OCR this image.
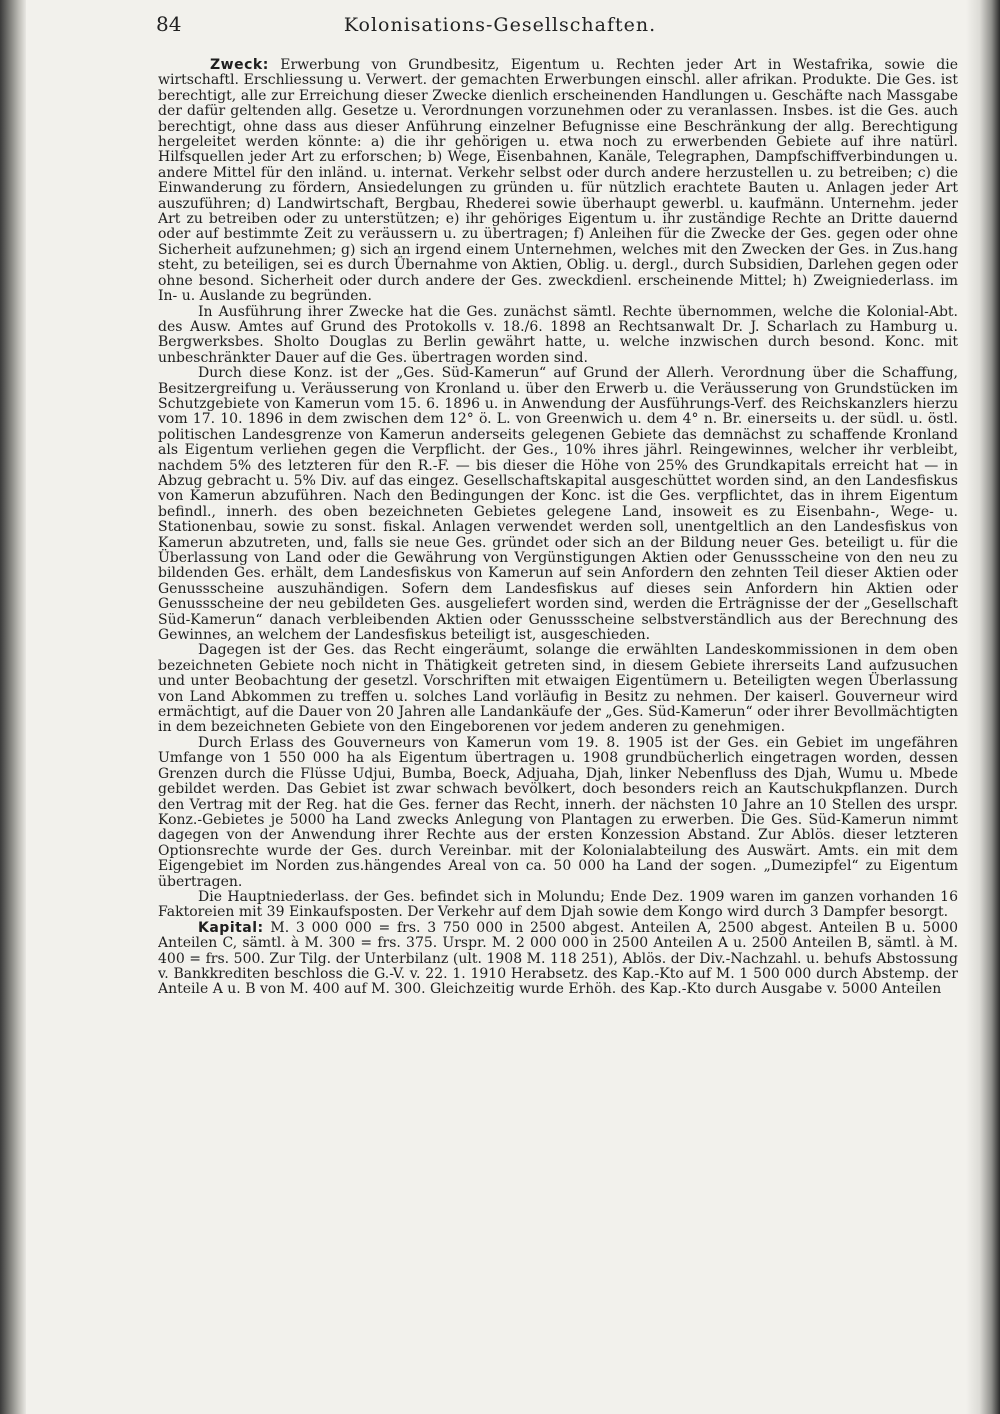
84	Kolonisations-Gesellschaften.

Zweck: Erwerbung von Grundbesitz, Eigentum u. Rechten jeder Art in Westafrika, sowie die wirtschaftl. Erschliessung u. Verwert. der gemachten Erwerbungen einschl. aller afrikan. Produkte. Die Ges. ist berechtigt, alle zur Erreichung dieser Zwecke dienlich erscheinenden Handlungen u. Geschäfte nach Massgabe der dafür geltenden allg. Gesetze u. Verordnungen vorzunehmen oder zu veranlassen. Insbes. ist die Ges. auch berechtigt, ohne dass aus dieser Anführung einzelner Befugnisse eine Beschränkung der allg. Berechtigung hergeleitet werden könnte: a) die ihr gehörigen u. etwa noch zu erwerbenden Gebiete auf ihre natürl. Hilfsquellen jeder Art zu erforschen; b) Wege, Eisenbahnen, Kanäle, Telegraphen, Dampfschiffverbindungen u. andere Mittel für den inländ. u. internat. Verkehr selbst oder durch andere herzustellen u. zu betreiben; c) die Einwanderung zu fördern, Ansiedelungen zu gründen u. für nützlich erachtete Bauten u. Anlagen jeder Art auszuführen; d) Landwirtschaft, Bergbau, Rhederei sowie überhaupt gewerbl. u. kaufmänn. Unternehm. jeder Art zu betreiben oder zu unterstützen; e) ihr gehöriges Eigentum u. ihr zuständige Rechte an Dritte dauernd oder auf bestimmte Zeit zu veräussern u. zu übertragen; f) Anleihen für die Zwecke der Ges. gegen oder ohne Sicherheit aufzunehmen; g) sich an irgend einem Unternehmen, welches mit den Zwecken der Ges. in Zus.hang steht, zu beteiligen, sei es durch Übernahme von Aktien, Oblig. u. dergl., durch Subsidien, Darlehen gegen oder ohne besond. Sicherheit oder durch andere der Ges. zweckdienl. erscheinende Mittel; h) Zweigniederlass. im In- u. Auslande zu begründen.

In Ausführung ihrer Zwecke hat die Ges. zunächst sämtl. Rechte übernommen, welche die Kolonial-Abt. des Ausw. Amtes auf Grund des Protokolls v. 18./6. 1898 an Rechtsanwalt Dr. J. Scharlach zu Hamburg u. Bergwerksbes. Sholto Douglas zu Berlin gewährt hatte, u. welche inzwischen durch besond. Konc. mit unbeschränkter Dauer auf die Ges. übertragen worden sind.

Durch diese Konz. ist der „Ges. Süd-Kamerun“ auf Grund der Allerh. Verordnung über die Schaffung, Besitzergreifung u. Veräusserung von Kronland u. über den Erwerb u. die Veräusserung von Grundstücken im Schutzgebiete von Kamerun vom 15. 6. 1896 u. in Anwendung der Ausführungs-Verf. des Reichskanzlers hierzu vom 17. 10. 1896 in dem zwischen dem 12° ö. L. von Greenwich u. dem 4° n. Br. einerseits u. der südl. u. östl. politischen Landesgrenze von Kamerun anderseits gelegenen Gebiete das demnächst zu schaffende Kronland als Eigentum verliehen gegen die Verpflicht. der Ges., 10% ihres jährl. Reingewinnes, welcher ihr verbleibt, nachdem 5% des letzteren für den R.-F. — bis dieser die Höhe von 25% des Grundkapitals erreicht hat — in Abzug gebracht u. 5% Div. auf das eingez. Gesellschaftskapital ausgeschüttet worden sind, an den Landesfiskus von Kamerun abzuführen. Nach den Bedingungen der Konc. ist die Ges. verpflichtet, das in ihrem Eigentum befindl., innerh. des oben bezeichneten Gebietes gelegene Land, insoweit es zu Eisenbahn-, Wege- u. Stationenbau, sowie zu sonst. fiskal. Anlagen verwendet werden soll, unentgeltlich an den Landesfiskus von Kamerun abzutreten, und, falls sie neue Ges. gründet oder sich an der Bildung neuer Ges. beteiligt u. für die Überlassung von Land oder die Gewährung von Vergünstigungen Aktien oder Genussscheine von den neu zu bildenden Ges. erhält, dem Landesfiskus von Kamerun auf sein Anfordern den zehnten Teil dieser Aktien oder Genussscheine auszuhändigen. Sofern dem Landesfiskus auf dieses sein Anfordern hin Aktien oder Genussscheine der neu gebildeten Ges. ausgeliefert worden sind, werden die Erträgnisse der der „Gesellschaft Süd-Kamerun“ danach verbleibenden Aktien oder Genussscheine selbstverständlich aus der Berechnung des Gewinnes, an welchem der Landesfiskus beteiligt ist, ausgeschieden.

Dagegen ist der Ges. das Recht eingeräumt, solange die erwählten Landeskommissionen in dem oben bezeichneten Gebiete noch nicht in Thätigkeit getreten sind, in diesem Gebiete ihrerseits Land aufzusuchen und unter Beobachtung der gesetzl. Vorschriften mit etwaigen Eigentümern u. Beteiligten wegen Überlassung von Land Abkommen zu treffen u. solches Land vorläufig in Besitz zu nehmen. Der kaiserl. Gouverneur wird ermächtigt, auf die Dauer von 20 Jahren alle Landankäufe der „Ges. Süd-Kamerun“ oder ihrer Bevollmächtigten in dem bezeichneten Gebiete von den Eingeborenen vor jedem anderen zu genehmigen.

Durch Erlass des Gouverneurs von Kamerun vom 19. 8. 1905 ist der Ges. ein Gebiet im ungefähren Umfange von 1 550 000 ha als Eigentum übertragen u. 1908 grundbücherlich eingetragen worden, dessen Grenzen durch die Flüsse Udjui, Bumba, Boeck, Adjuaha, Djah, linker Nebenfluss des Djah, Wumu u. Mbede gebildet werden. Das Gebiet ist zwar schwach bevölkert, doch besonders reich an Kautschukpflanzen. Durch den Vertrag mit der Reg. hat die Ges. ferner das Recht, innerh. der nächsten 10 Jahre an 10 Stellen des urspr. Konz.-Gebietes je 5000 ha Land zwecks Anlegung von Plantagen zu erwerben. Die Ges. Süd-Kamerun nimmt dagegen von der Anwendung ihrer Rechte aus der ersten Konzession Abstand. Zur Ablös. dieser letzteren Optionsrechte wurde der Ges. durch Vereinbar. mit der Kolonialabteilung des Auswärt. Amts. ein mit dem Eigengebiet im Norden zus.hängendes Areal von ca. 50 000 ha Land der sogen. „Dumezipfel“ zu Eigentum übertragen.

Die Hauptniederlass. der Ges. befindet sich in Molundu; Ende Dez. 1909 waren im ganzen vorhanden 16 Faktoreien mit 39 Einkaufsposten. Der Verkehr auf dem Djah sowie dem Kongo wird durch 3 Dampfer besorgt.

Kapital: M. 3 000 000 = frs. 3 750 000 in 2500 abgest. Anteilen A, 2500 abgest. Anteilen B u. 5000 Anteilen C, sämtl. à M. 300 = frs. 375. Urspr. M. 2 000 000 in 2500 Anteilen A u. 2500 Anteilen B, sämtl. à M. 400 = frs. 500. Zur Tilg. der Unterbilanz (ult. 1908 M. 118 251), Ablös. der Div.-Nachzahl. u. behufs Abstossung v. Bankkrediten beschloss die G.-V. v. 22. 1. 1910 Herabsetz. des Kap.-Kto auf M. 1 500 000 durch Abstemp. der Anteile A u. B von M. 400 auf M. 300. Gleichzeitig wurde Erhöh. des Kap.-Kto durch Ausgabe v. 5000 Anteilen
